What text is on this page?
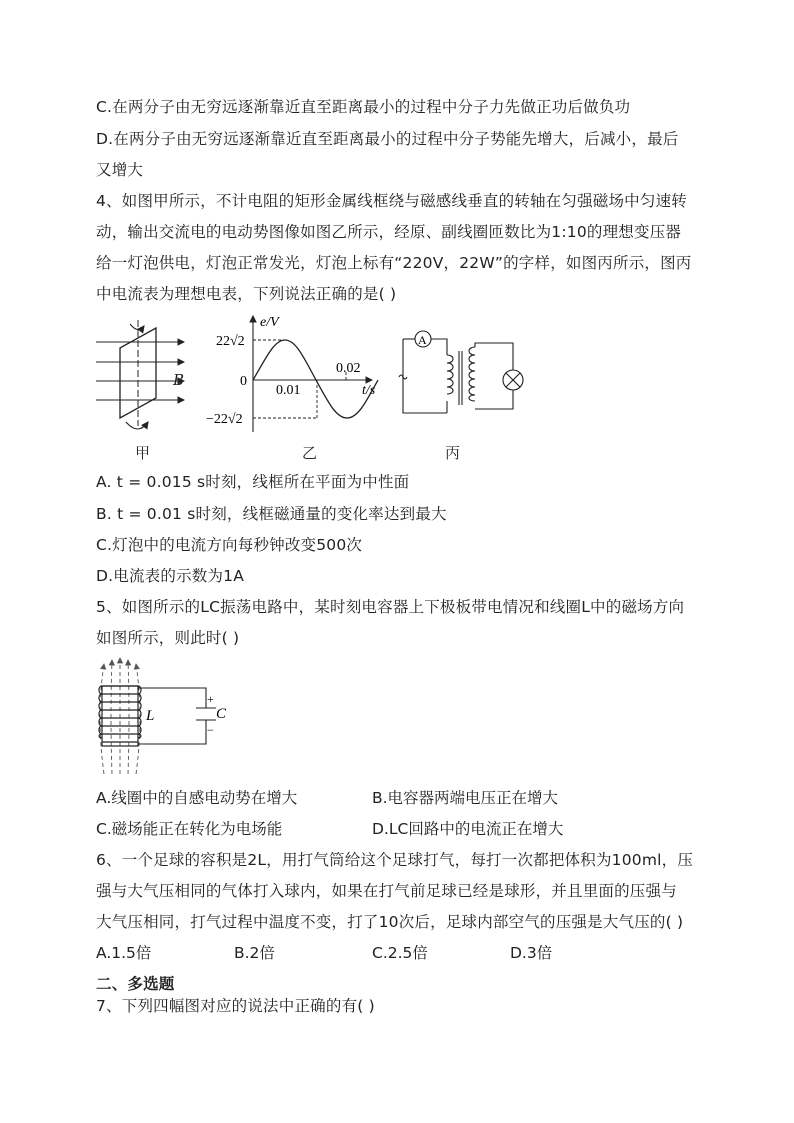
C.在两分子由无穷远逐渐靠近直至距离最小的过程中分子力先做正功后做负功
D.在两分子由无穷远逐渐靠近直至距离最小的过程中分子势能先增大，后减小，最后
又增大
4、如图甲所示，不计电阻的矩形金属线框绕与磁感线垂直的转轴在匀强磁场中匀速转
动，输出交流电的电动势图像如图乙所示，经原、副线圈匝数比为1:10的理想变压器
给一灯泡供电，灯泡正常发光，灯泡上标有“220V，22W”的字样，如图丙所示，图丙
中电流表为理想电表，下列说法正确的是( )
B
甲
e/V
t/s
22√2
−22√2
0
0.01
0.02
乙
A
丙
A. t = 0.015 s时刻，线框所在平面为中性面
B. t = 0.01 s时刻，线框磁通量的变化率达到最大
C.灯泡中的电流方向每秒钟改变500次
D.电流表的示数为1A
5、如图所示的LC振荡电路中，某时刻电容器上下极板带电情况和线圈L中的磁场方向
如图所示，则此时( )
L	C
+
−
A.线圈中的自感电动势在增大	B.电容器两端电压正在增大
C.磁场能正在转化为电场能	D.LC回路中的电流正在增大
6、一个足球的容积是2L，用打气筒给这个足球打气，每打一次都把体积为100ml，压
强与大气压相同的气体打入球内，如果在打气前足球已经是球形，并且里面的压强与
大气压相同，打气过程中温度不变，打了10次后，足球内部空气的压强是大气压的( )
A.1.5倍	B.2倍	C.2.5倍	D.3倍
二、多选题
7、下列四幅图对应的说法中正确的有( )
